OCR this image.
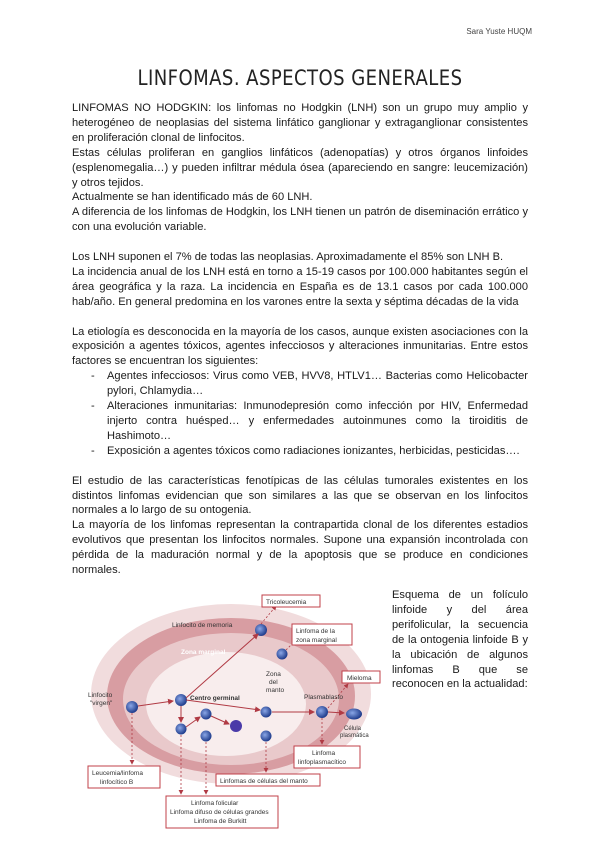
Sara Yuste HUQM
LINFOMAS. ASPECTOS GENERALES

LINFOMAS NO HODGKIN: los linfomas no Hodgkin (LNH) son un grupo muy amplio y heterogéneo de neoplasias del sistema linfático ganglionar y extraganglionar consistentes en proliferación clonal de linfocitos.

Estas células proliferan en ganglios linfáticos (adenopatías) y otros órganos linfoides (esplenomegalia…) y pueden infiltrar médula ósea (apareciendo en sangre: leucemización) y otros tejidos.

Actualmente se han identificado más de 60 LNH.

A diferencia de los linfomas de Hodgkin, los LNH tienen un patrón de diseminación errático y con una evolución variable.

Los LNH suponen el 7% de todas las neoplasias. Aproximadamente el 85% son LNH B.

La incidencia anual de los LNH está en torno a 15-19 casos por 100.000 habitantes según el área geográfica y la raza. La incidencia en España es de 13.1 casos por cada 100.000 hab/año. En general predomina en los varones entre la sexta y séptima décadas de la vida

La etiología es desconocida en la mayoría de los casos, aunque existen asociaciones con la exposición a agentes tóxicos, agentes infecciosos y alteraciones inmunitarias. Entre estos factores se encuentran los siguientes:

- Agentes infecciosos: Virus como VEB, HVV8, HTLV1… Bacterias como Helicobacter pylori, Chlamydia…
- Alteraciones inmunitarias: Inmunodepresión como infección por HIV, Enfermedad injerto contra huésped… y enfermedades autoinmunes como la tiroiditis de Hashimoto…
- Exposición a agentes tóxicos como radiaciones ionizantes, herbicidas, pesticidas….

El estudio de las características fenotípicas de las células tumorales existentes en los distintos linfomas evidencian que son similares a las que se observan en los linfocitos normales a lo largo de su ontogenia.

La mayoría de los linfomas representan la contrapartida clonal de los diferentes estadios evolutivos que presentan los linfocitos normales. Supone una expansión incontrolada con pérdida de la maduración normal y de la apoptosis que se produce en condiciones normales.

Linfocito de memoria
Zona marginal
Centro germinal
Zona
del
manto
Linfocito
"virgen"
Tricoleucemia
Linfoma de la
zona marginal
Mieloma
Plasmablasto
Célula
plasmática
Linfoma
linfoplasmacítico
Leucemia/linfoma
linfocítico B	Linfomas de células del manto
Linfoma folicular
Linfoma difuso de células grandes
Linfoma de Burkitt
Esquema de un folículo linfoide y del área perifolicular, la secuencia de la ontogenia linfoide B y la ubicación de algunos linfomas B que se reconocen en la actualidad:
